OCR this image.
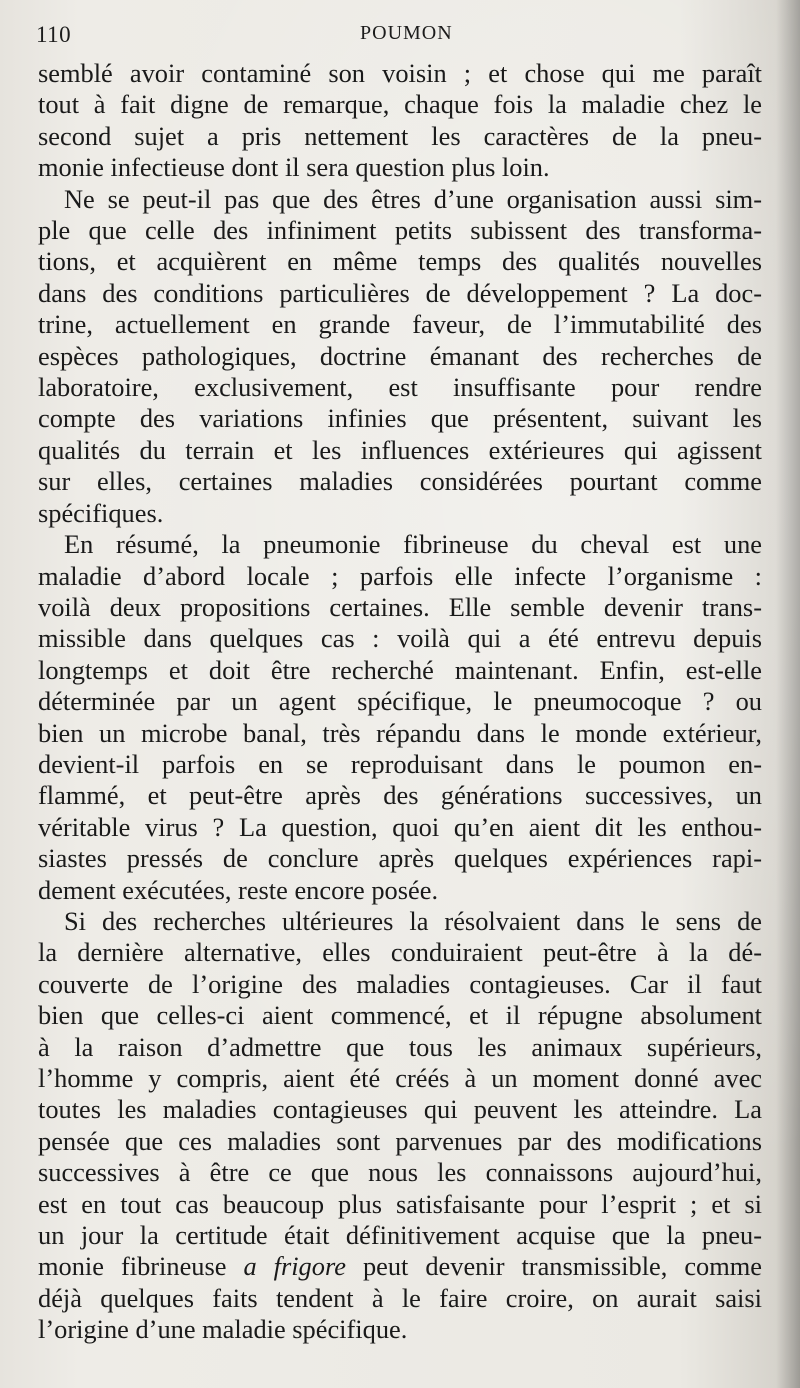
110	POUMON
semblé avoir contaminé son voisin ; et chose qui me paraît
tout à fait digne de remarque, chaque fois la maladie chez le
second sujet a pris nettement les caractères de la pneu-
monie infectieuse dont il sera question plus loin.
Ne se peut-il pas que des êtres d’une organisation aussi sim-
ple que celle des infiniment petits subissent des transforma-
tions, et acquièrent en même temps des qualités nouvelles
dans des conditions particulières de développement ? La doc-
trine, actuellement en grande faveur, de l’immutabilité des
espèces pathologiques, doctrine émanant des recherches de
laboratoire, exclusivement, est insuffisante pour rendre
compte des variations infinies que présentent, suivant les
qualités du terrain et les influences extérieures qui agissent
sur elles, certaines maladies considérées pourtant comme
spécifiques.
En résumé, la pneumonie fibrineuse du cheval est une
maladie d’abord locale ; parfois elle infecte l’organisme :
voilà deux propositions certaines. Elle semble devenir trans-
missible dans quelques cas : voilà qui a été entrevu depuis
longtemps et doit être recherché maintenant. Enfin, est-elle
déterminée par un agent spécifique, le pneumocoque ? ou
bien un microbe banal, très répandu dans le monde extérieur,
devient-il parfois en se reproduisant dans le poumon en-
flammé, et peut-être après des générations successives, un
véritable virus ? La question, quoi qu’en aient dit les enthou-
siastes pressés de conclure après quelques expériences rapi-
dement exécutées, reste encore posée.
Si des recherches ultérieures la résolvaient dans le sens de
la dernière alternative, elles conduiraient peut-être à la dé-
couverte de l’origine des maladies contagieuses. Car il faut
bien que celles-ci aient commencé, et il répugne absolument
à la raison d’admettre que tous les animaux supérieurs,
l’homme y compris, aient été créés à un moment donné avec
toutes les maladies contagieuses qui peuvent les atteindre. La
pensée que ces maladies sont parvenues par des modifications
successives à être ce que nous les connaissons aujourd’hui,
est en tout cas beaucoup plus satisfaisante pour l’esprit ; et si
un jour la certitude était définitivement acquise que la pneu-
monie fibrineuse a frigore peut devenir transmissible, comme
déjà quelques faits tendent à le faire croire, on aurait saisi
l’origine d’une maladie spécifique.
